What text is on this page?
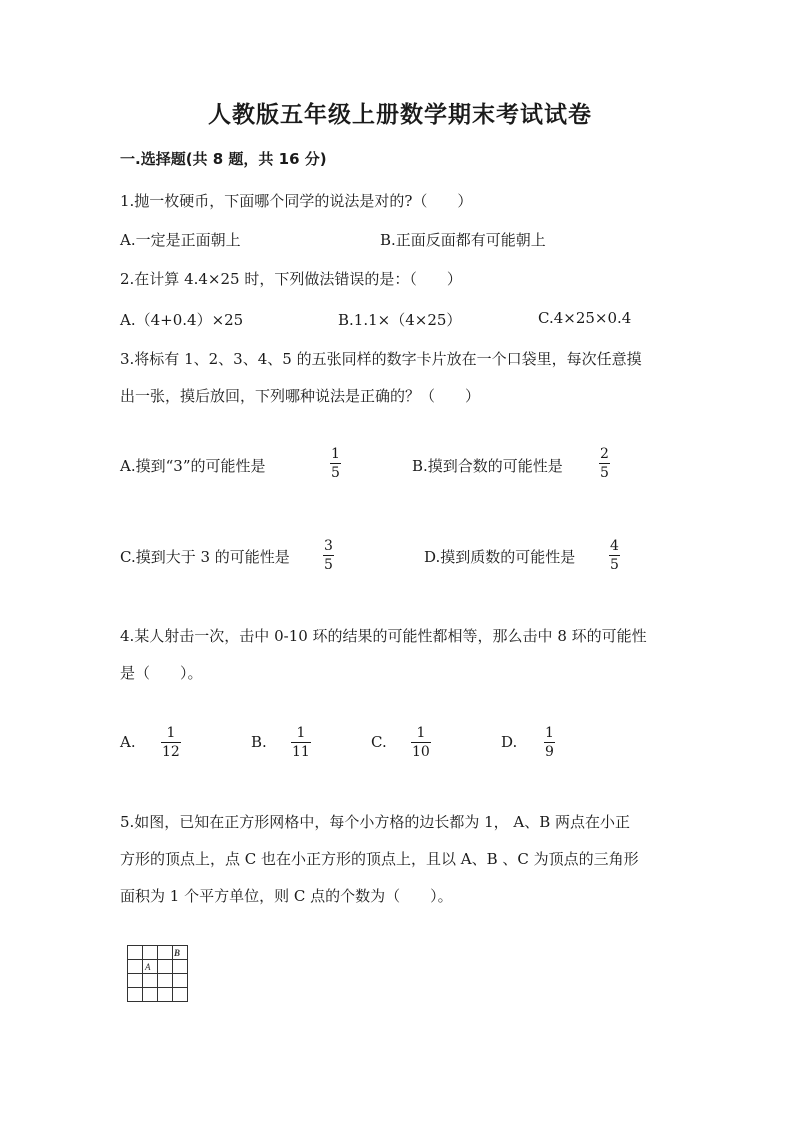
人教版五年级上册数学期末考试试卷
一.选择题(共 8 题，共 16 分)
1.抛一枚硬币，下面哪个同学的说法是对的?（　　）
A.一定是正面朝上	B.正面反面都有可能朝上
2.在计算 4.4×25 时，下列做法错误的是：（　　）
A.（4+0.4）×25	B.1.1×（4×25）	C.4×25×0.4
3.将标有 1、2、3、4、5 的五张同样的数字卡片放在一个口袋里，每次任意摸
出一张，摸后放回，下列哪种说法是正确的？（　　）
A.摸到“3”的可能性是
1
5	B.摸到合数的可能性是
2
5
C.摸到大于 3 的可能性是
3
5	D.摸到质数的可能性是
4
5
4.某人射击一次，击中 0-10 环的结果的可能性都相等，那么击中 8 环的可能性
是（　　）。
A. 1
12
B. 1
11
C. 1
10
D. 1
9
5.如图，已知在正方形网格中，每个小方格的边长都为 1， A、B 两点在小正
方形的顶点上，点 C 也在小正方形的顶点上，且以 A、B 、C 为顶点的三角形
面积为 1 个平方单位，则 C 点的个数为（　　）。
A
B
